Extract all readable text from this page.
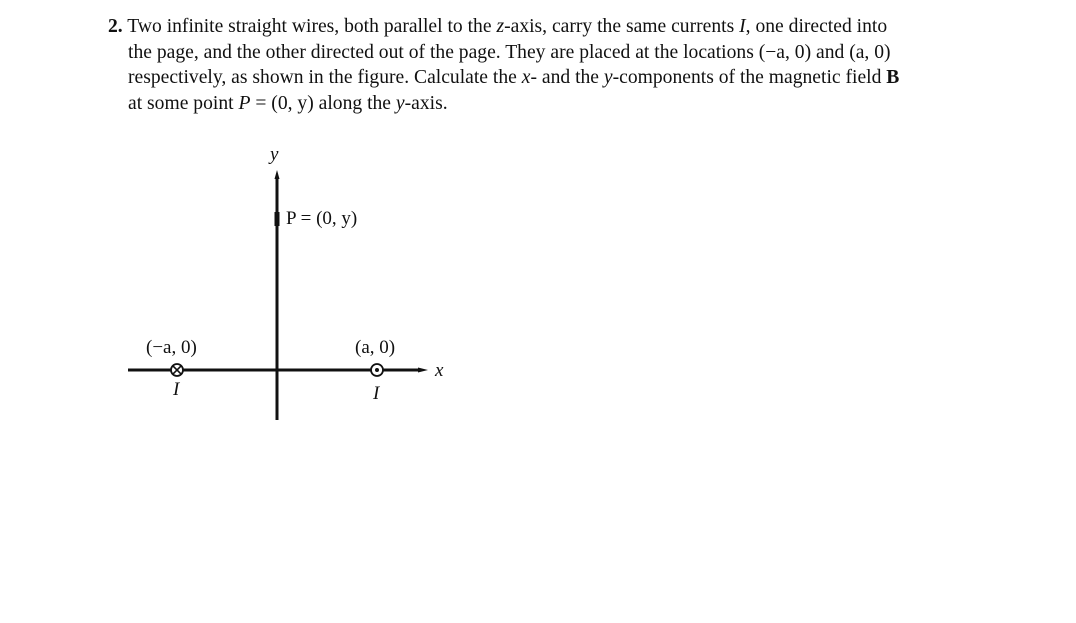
2. Two infinite straight wires, both parallel to the z-axis, carry the same currents I, one directed into
the page, and the other directed out of the page. They are placed at the locations (−a, 0) and (a, 0)
respectively, as shown in the figure. Calculate the x- and the y-components of the magnetic field B
at some point P = (0, y) along the y-axis.
y
x
P = (0, y)
(−a, 0)
I
(a, 0)
I
